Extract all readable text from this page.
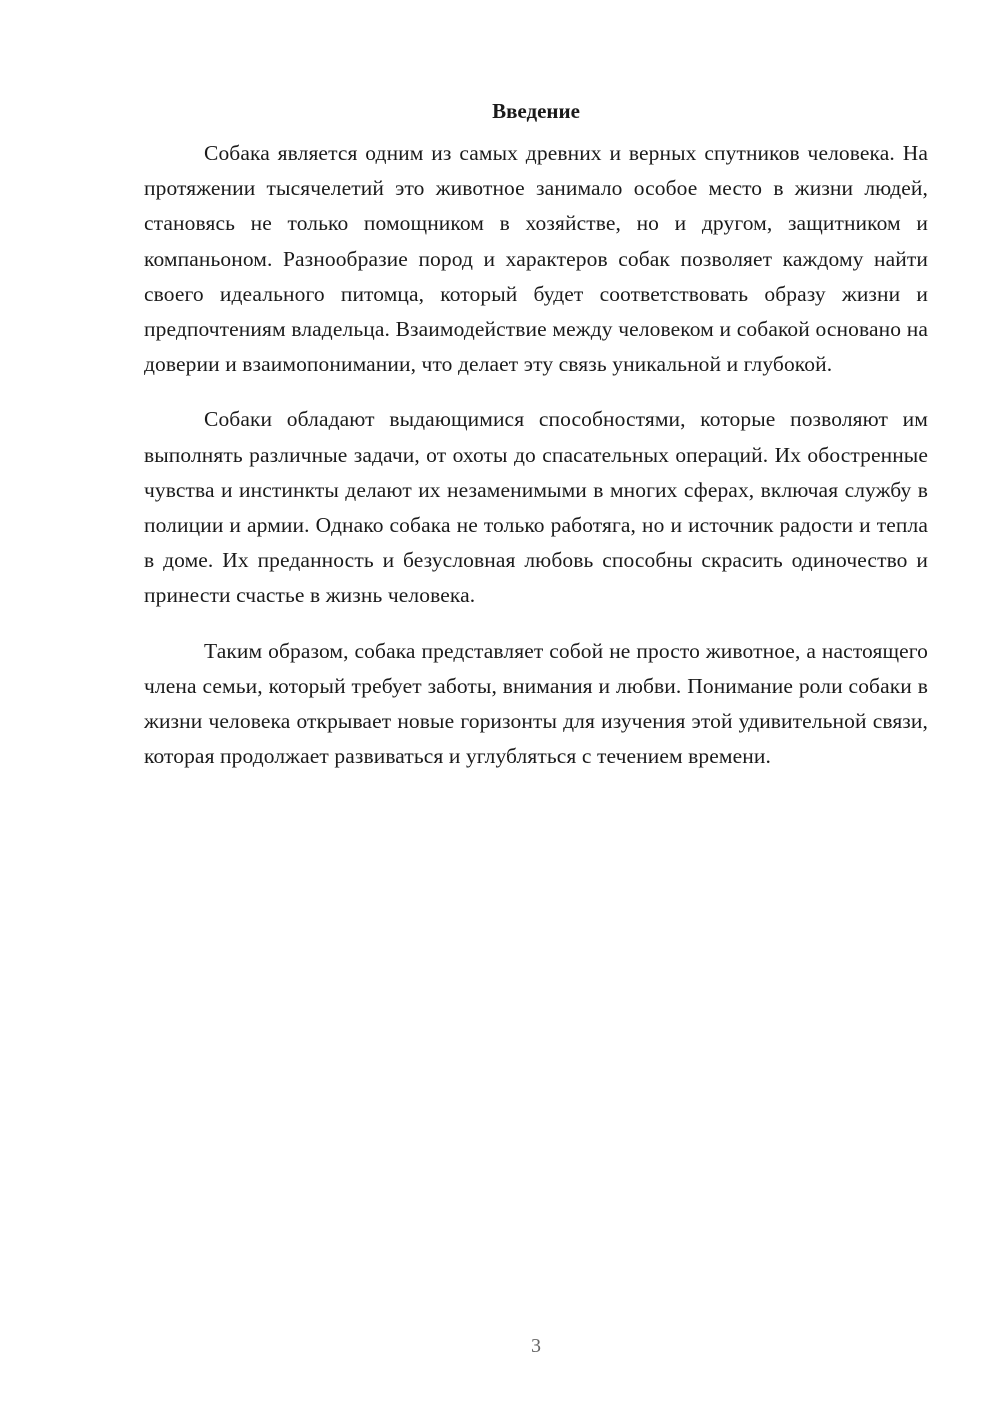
Введение

Собака является одним из самых древних и верных спутников человека. На протяжении тысячелетий это животное занимало особое место в жизни людей, становясь не только помощником в хозяйстве, но и другом, защитником и компаньоном. Разнообразие пород и характеров собак позволяет каждому найти своего идеального питомца, который будет соответствовать образу жизни и предпочтениям владельца. Взаимодействие между человеком и собакой основано на доверии и взаимопонимании, что делает эту связь уникальной и глубокой.

Собаки обладают выдающимися способностями, которые позволяют им выполнять различные задачи, от охоты до спасательных операций. Их обостренные чувства и инстинкты делают их незаменимыми в многих сферах, включая службу в полиции и армии. Однако собака не только работяга, но и источник радости и тепла в доме. Их преданность и безусловная любовь способны скрасить одиночество и принести счастье в жизнь человека.

Таким образом, собака представляет собой не просто животное, а настоящего члена семьи, который требует заботы, внимания и любви. Понимание роли собаки в жизни человека открывает новые горизонты для изучения этой удивительной связи, которая продолжает развиваться и углубляться с течением времени.

3
